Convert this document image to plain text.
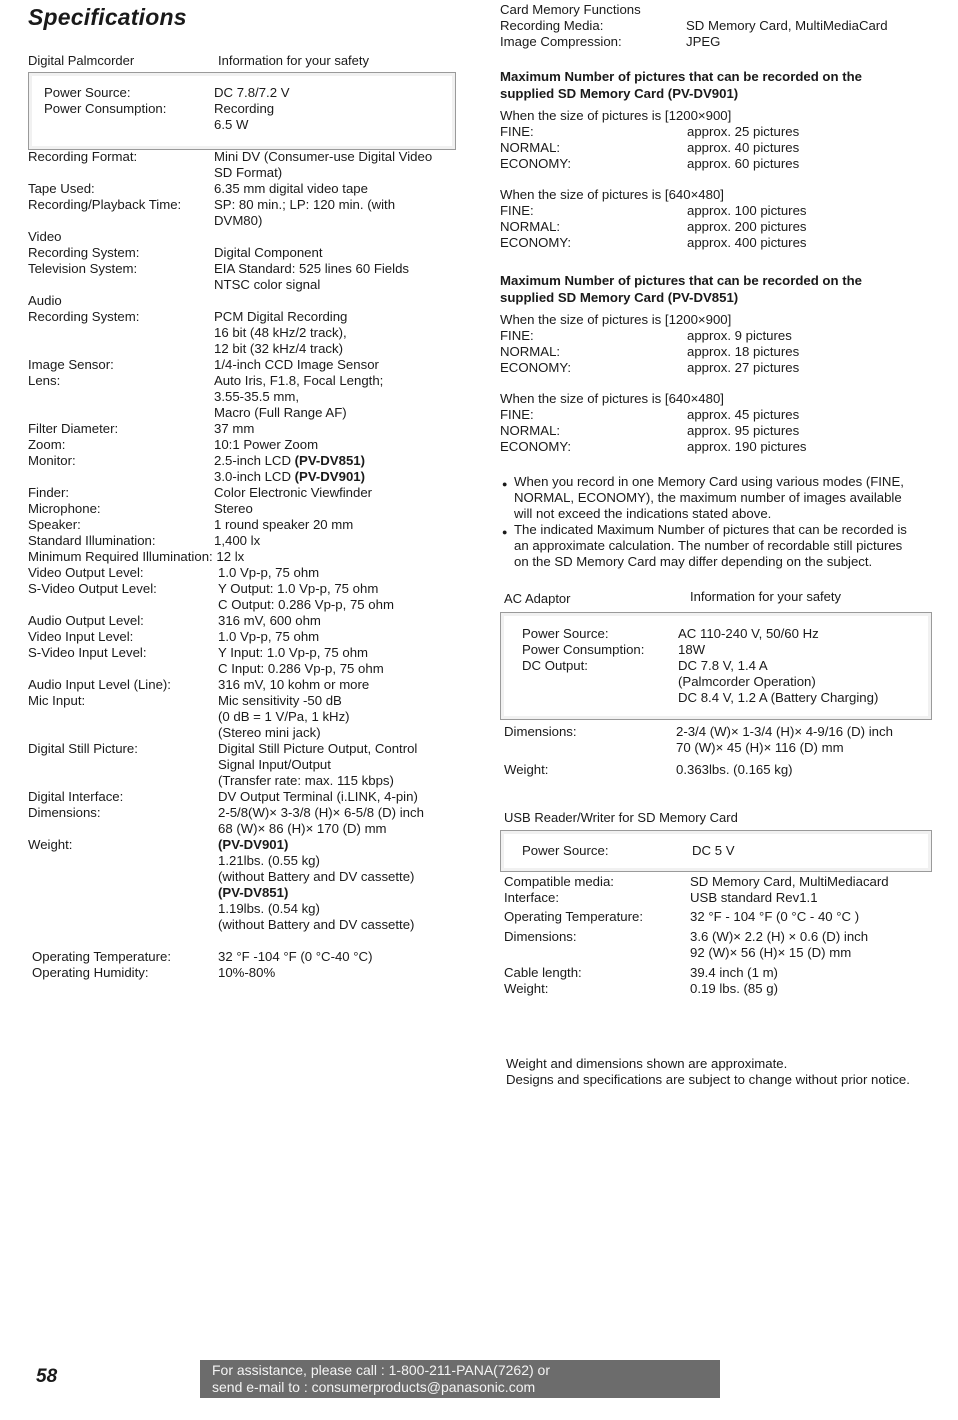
Specifications
Digital Palmcorder	Information for your safety
Power Source:	DC 7.8/7.2 V
Power Consumption:	Recording
6.5 W
Recording Format:	Mini DV (Consumer-use Digital Video
SD Format)
Tape Used:	6.35 mm digital video tape
Recording/Playback Time:	SP: 80 min.; LP: 120 min. (with
DVM80)
Video
Recording System:	Digital Component
Television System:	EIA Standard: 525 lines 60 Fields
NTSC color signal
Audio
Recording System:	PCM Digital Recording
16 bit (48 kHz/2 track),
12 bit (32 kHz/4 track)
Image Sensor:	1/4-inch CCD Image Sensor
Lens:	Auto Iris, F1.8, Focal Length;
3.55-35.5 mm,
Macro (Full Range AF)
Filter Diameter:	37 mm
Zoom:	10:1 Power Zoom
Monitor:	2.5-inch LCD (PV-DV851)
3.0-inch LCD (PV-DV901)
Finder:	Color Electronic Viewfinder
Microphone:	Stereo
Speaker:	1 round speaker 20 mm
Standard Illumination:	1,400 lx
Minimum Required Illumination: 12 lx
Video Output Level:	1.0 Vp-p, 75 ohm
S-Video Output Level:	Y Output: 1.0 Vp-p, 75 ohm
C Output: 0.286 Vp-p, 75 ohm
Audio Output Level:	316 mV, 600 ohm
Video Input Level:	1.0 Vp-p, 75 ohm
S-Video Input Level:	Y Input: 1.0 Vp-p, 75 ohm
C Input: 0.286 Vp-p, 75 ohm
Audio Input Level (Line):	316 mV, 10 kohm or more
Mic Input:	Mic sensitivity -50 dB
(0 dB = 1 V/Pa, 1 kHz)
(Stereo mini jack)
Digital Still Picture:	Digital Still Picture Output, Control
Signal Input/Output
(Transfer rate: max. 115 kbps)
Digital Interface:	DV Output Terminal (i.LINK, 4-pin)
Dimensions:	2-5/8(W)× 3-3/8 (H)× 6-5/8 (D) inch
68 (W)× 86 (H)× 170 (D) mm
Weight:	(PV-DV901)
1.21lbs. (0.55 kg)
(without Battery and DV cassette)
(PV-DV851)
1.19lbs. (0.54 kg)
(without Battery and DV cassette)
Operating Temperature:	32 °F -104 °F (0 °C-40 °C)
Operating Humidity:	10%-80%
Card Memory Functions
Recording Media:	SD Memory Card, MultiMediaCard
Image Compression:	JPEG
Maximum Number of pictures that can be recorded on the
supplied SD Memory Card (PV-DV901)
When the size of pictures is [1200×900]
FINE:	approx. 25 pictures
NORMAL:	approx. 40 pictures
ECONOMY:	approx. 60 pictures
When the size of pictures is [640×480]
FINE:	approx. 100 pictures
NORMAL:	approx. 200 pictures
ECONOMY:	approx. 400 pictures
Maximum Number of pictures that can be recorded on the
supplied SD Memory Card (PV-DV851)
When the size of pictures is [1200×900]
FINE:	approx. 9 pictures
NORMAL:	approx. 18 pictures
ECONOMY:	approx. 27 pictures
When the size of pictures is [640×480]
FINE:	approx. 45 pictures
NORMAL:	approx. 95 pictures
ECONOMY:	approx. 190 pictures
● When you record in one Memory Card using various modes (FINE,
NORMAL, ECONOMY), the maximum number of images available
will not exceed the indications stated above.
● The indicated Maximum Number of pictures that can be recorded is
an approximate calculation. The number of recordable still pictures
on the SD Memory Card may differ depending on the subject.
AC Adaptor	Information for your safety
Power Source:	AC 110-240 V, 50/60 Hz
Power Consumption:	18W
DC Output:	DC 7.8 V, 1.4 A
(Palmcorder Operation)
DC 8.4 V, 1.2 A (Battery Charging)
Dimensions:	2-3/4 (W)× 1-3/4 (H)× 4-9/16 (D) inch
70 (W)× 45 (H)× 116 (D) mm
Weight:	0.363lbs. (0.165 kg)
USB Reader/Writer for SD Memory Card
Power Source:	DC 5 V
Compatible media:	SD Memory Card, MultiMediacard
Interface:	USB standard Rev1.1
Operating Temperature:	32 °F - 104 °F (0 °C - 40 °C )
Dimensions:	3.6 (W)× 2.2 (H) × 0.6 (D) inch
92 (W)× 56 (H)× 15 (D) mm
Cable length:	39.4 inch (1 m)
Weight:	0.19 lbs. (85 g)
Weight and dimensions shown are approximate.
Designs and specifications are subject to change without prior notice.
58	For assistance, please call : 1-800-211-PANA(7262) or
send e-mail to : consumerproducts@panasonic.com
